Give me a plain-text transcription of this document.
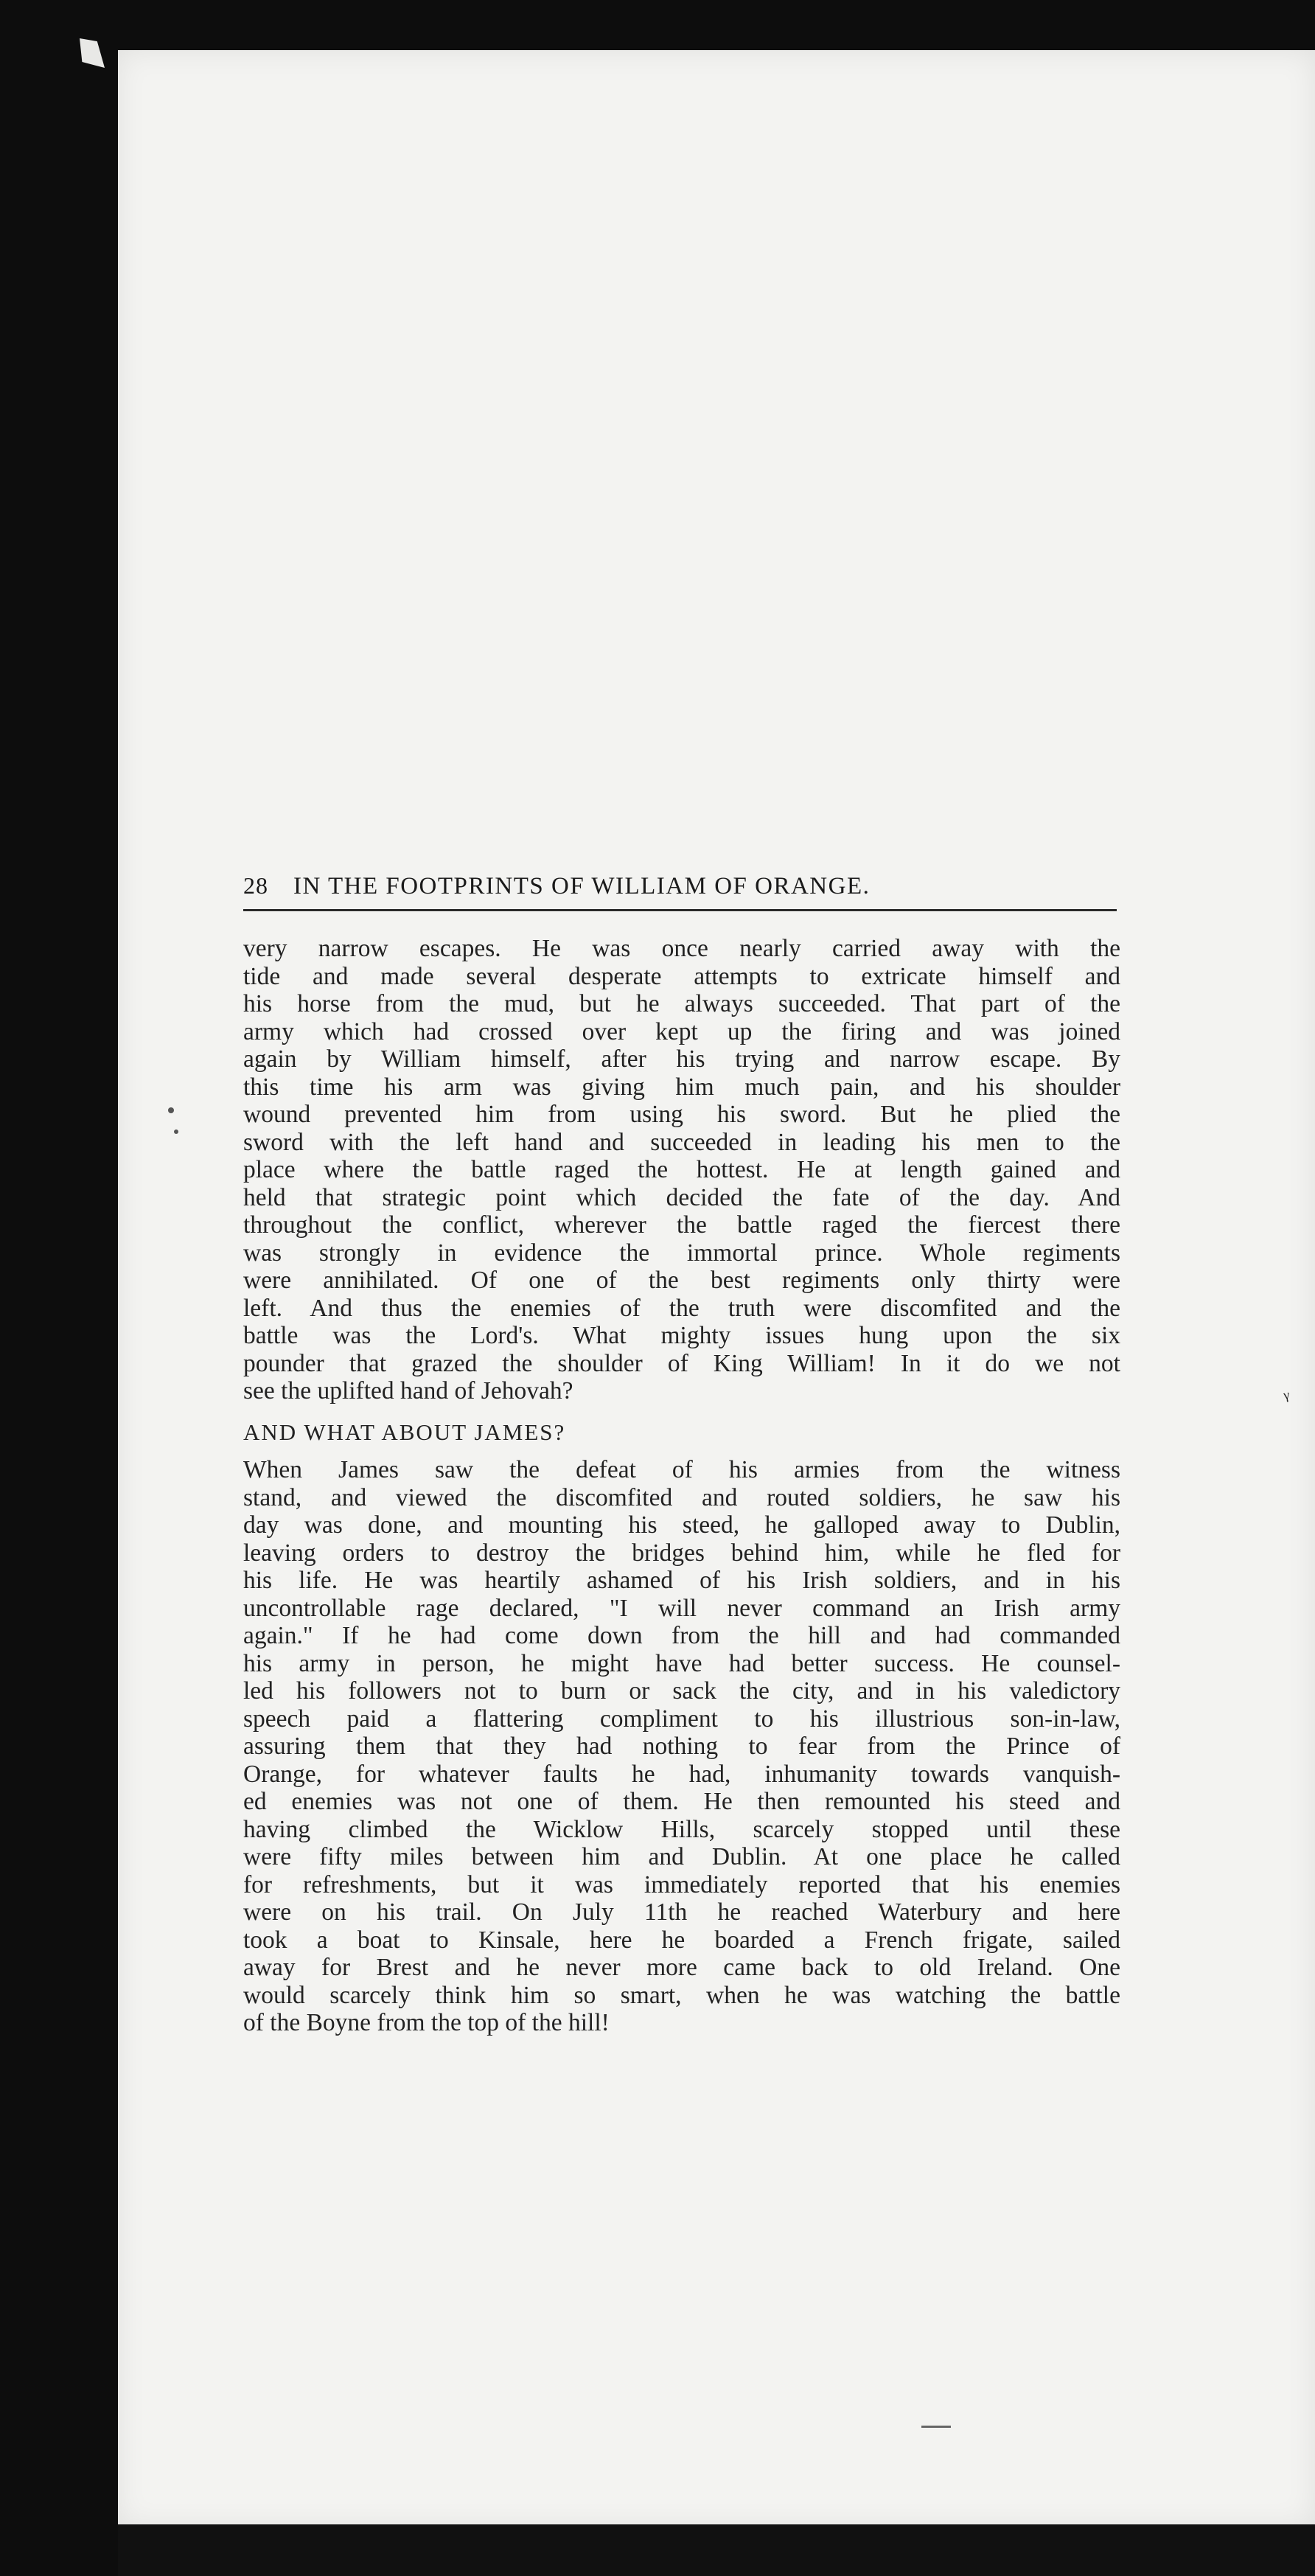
28	IN THE FOOTPRINTS OF WILLIAM OF ORANGE.

very narrow escapes. He was once nearly carried away with the
tide and made several desperate attempts to extricate himself and
his horse from the mud, but he always succeeded. That part of the
army which had crossed over kept up the firing and was joined
again by William himself, after his trying and narrow escape. By
this time his arm was giving him much pain, and his shoulder
wound prevented him from using his sword. But he plied the
sword with the left hand and succeeded in leading his men to the
place where the battle raged the hottest. He at length gained and
held that strategic point which decided the fate of the day. And
throughout the conflict, wherever the battle raged the fiercest there
was strongly in evidence the immortal prince. Whole regiments
were annihilated. Of one of the best regiments only thirty were
left. And thus the enemies of the truth were discomfited and the
battle was the Lord's. What mighty issues hung upon the six
pounder that grazed the shoulder of King William! In it do we not
see the uplifted hand of Jehovah?

AND WHAT ABOUT JAMES?

When James saw the defeat of his armies from the witness
stand, and viewed the discomfited and routed soldiers, he saw his
day was done, and mounting his steed, he galloped away to Dublin,
leaving orders to destroy the bridges behind him, while he fled for
his life. He was heartily ashamed of his Irish soldiers, and in his
uncontrollable rage declared, "I will never command an Irish army
again." If he had come down from the hill and had commanded
his army in person, he might have had better success. He counsel-
led his followers not to burn or sack the city, and in his valedictory
speech paid a flattering compliment to his illustrious son-in-law,
assuring them that they had nothing to fear from the Prince of
Orange, for whatever faults he had, inhumanity towards vanquish-
ed enemies was not one of them. He then remounted his steed and
having climbed the Wicklow Hills, scarcely stopped until these
were fifty miles between him and Dublin. At one place he called
for refreshments, but it was immediately reported that his enemies
were on his trail. On July 11th he reached Waterbury and here
took a boat to Kinsale, here he boarded a French frigate, sailed
away for Brest and he never more came back to old Ireland. One
would scarcely think him so smart, when he was watching the battle
of the Boyne from the top of the hill!

ᵞ
